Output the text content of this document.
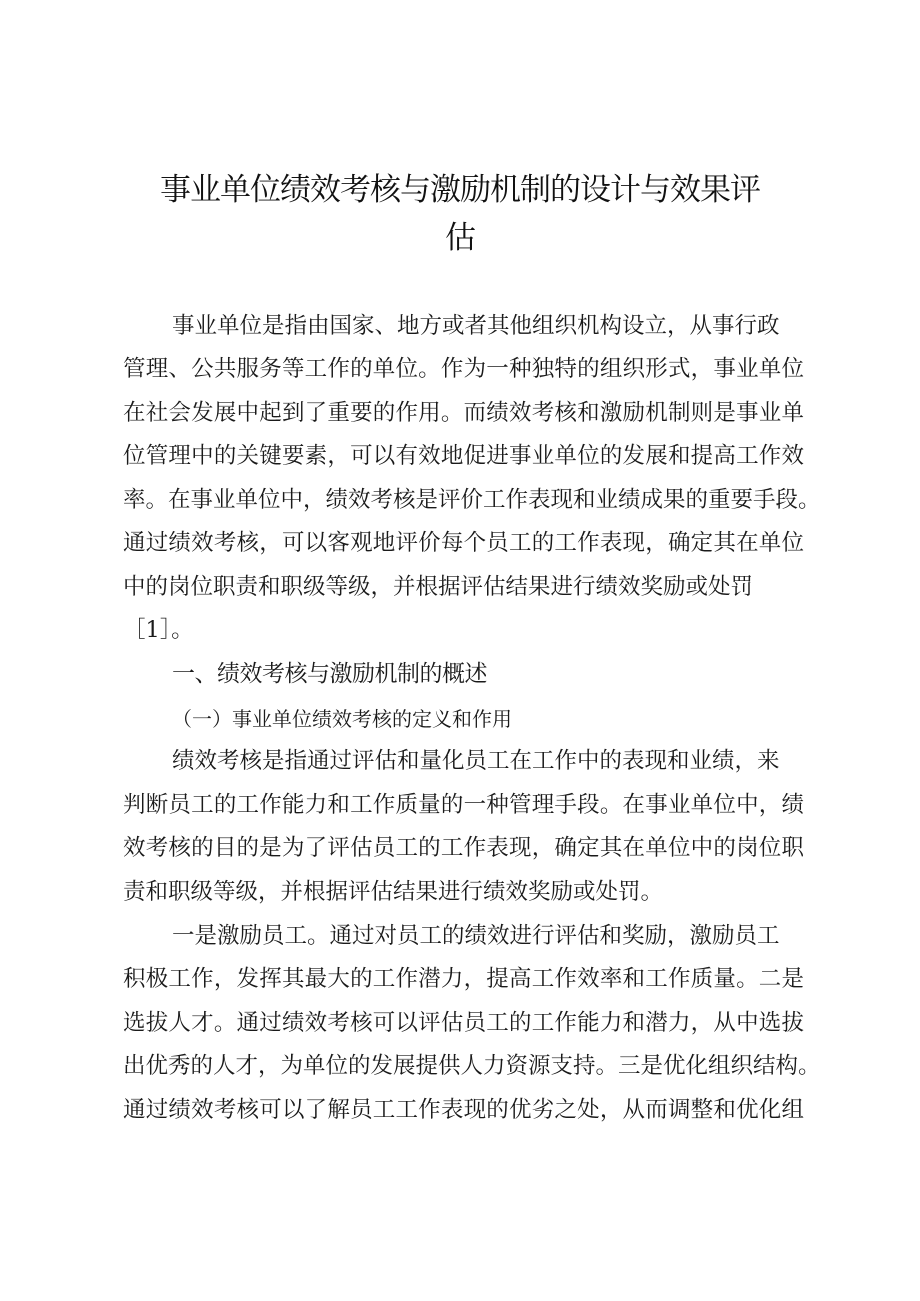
事业单位绩效考核与激励机制的设计与效果评
估
事业单位是指由国家、地方或者其他组织机构设立，从事行政
管理、公共服务等工作的单位。作为一种独特的组织形式，事业单位
在社会发展中起到了重要的作用。而绩效考核和激励机制则是事业单
位管理中的关键要素，可以有效地促进事业单位的发展和提高工作效
率。在事业单位中，绩效考核是评价工作表现和业绩成果的重要手段。
通过绩效考核，可以客观地评价每个员工的工作表现，确定其在单位
中的岗位职责和职级等级，并根据评估结果进行绩效奖励或处罚
［1］。
一、绩效考核与激励机制的概述
（一）事业单位绩效考核的定义和作用
绩效考核是指通过评估和量化员工在工作中的表现和业绩，来
判断员工的工作能力和工作质量的一种管理手段。在事业单位中，绩
效考核的目的是为了评估员工的工作表现，确定其在单位中的岗位职
责和职级等级，并根据评估结果进行绩效奖励或处罚。
一是激励员工。通过对员工的绩效进行评估和奖励，激励员工
积极工作，发挥其最大的工作潜力，提高工作效率和工作质量。二是
选拔人才。通过绩效考核可以评估员工的工作能力和潜力，从中选拔
出优秀的人才，为单位的发展提供人力资源支持。三是优化组织结构。
通过绩效考核可以了解员工工作表现的优劣之处，从而调整和优化组
